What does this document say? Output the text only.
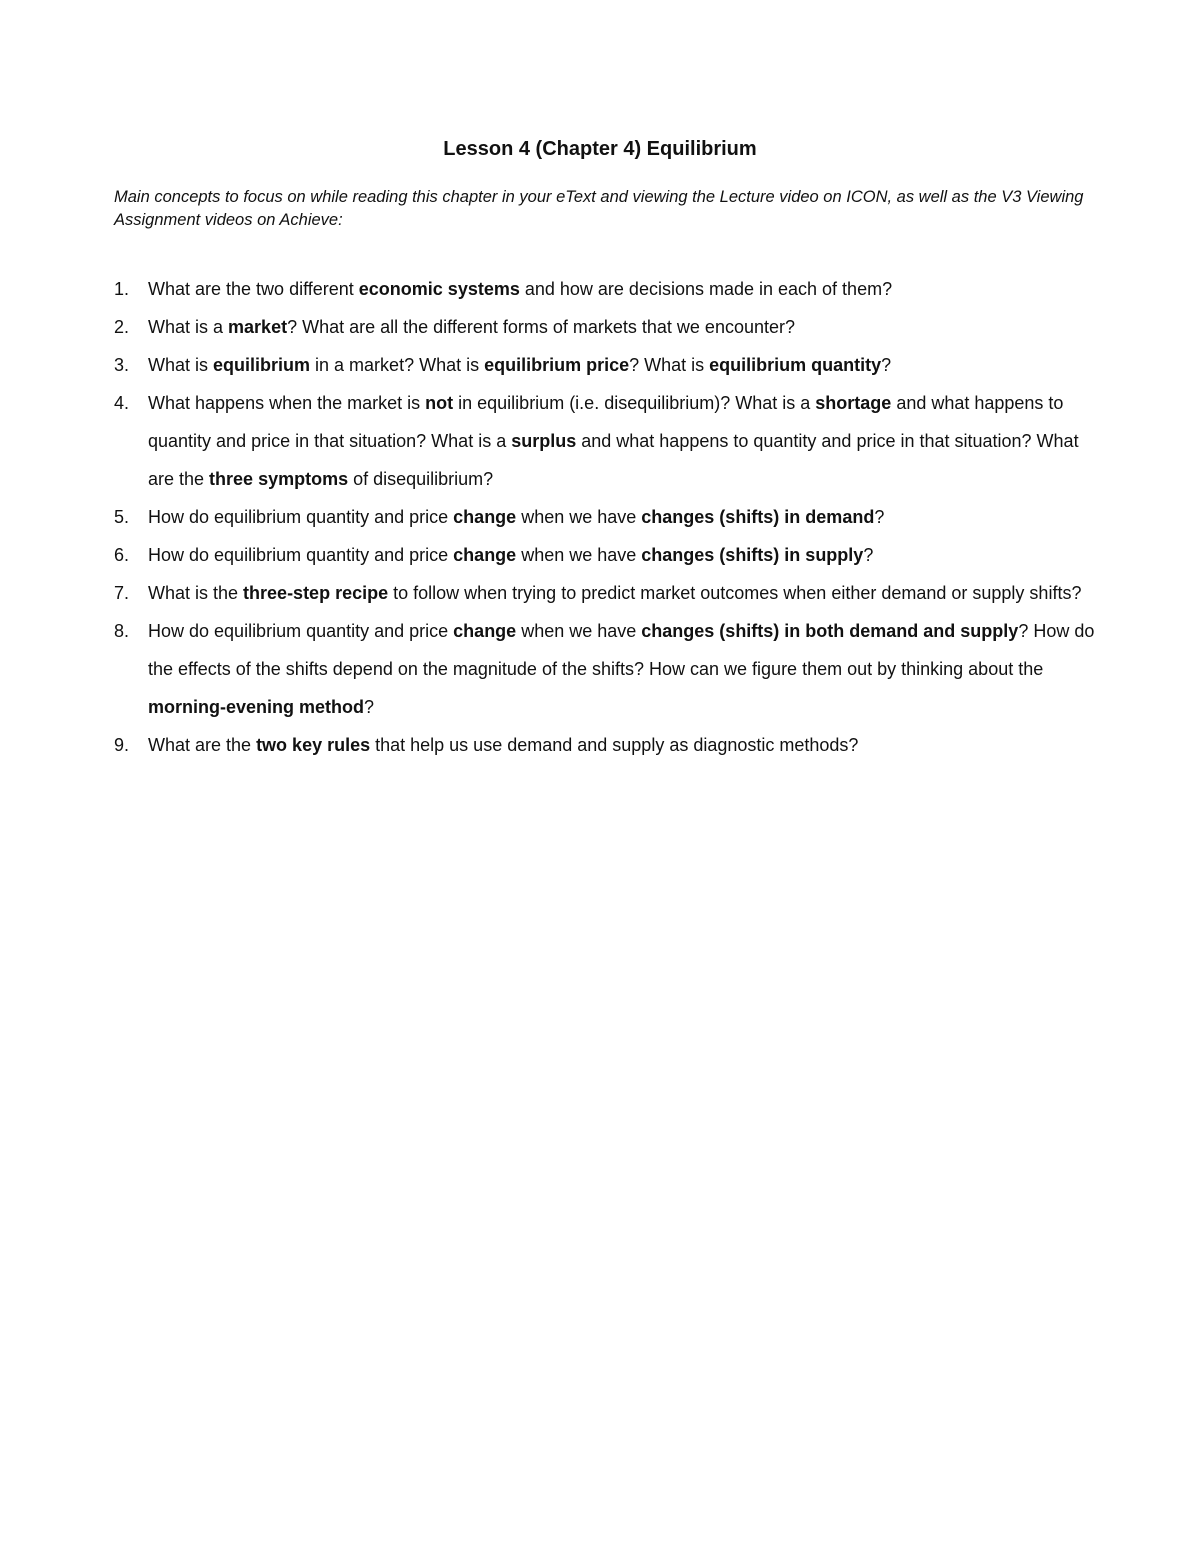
Lesson 4 (Chapter 4) Equilibrium

Main concepts to focus on while reading this chapter in your eText and viewing the Lecture video on ICON, as well as the V3 Viewing Assignment videos on Achieve:

1.	What are the two different economic systems and how are decisions made in each of them?
2.	What is a market? What are all the different forms of markets that we encounter?
3.	What is equilibrium in a market? What is equilibrium price? What is equilibrium quantity?
4.	What happens when the market is not in equilibrium (i.e. disequilibrium)? What is a shortage and what happens to quantity and price in that situation? What is a surplus and what happens to quantity and price in that situation? What are the three symptoms of disequilibrium?
5.	How do equilibrium quantity and price change when we have changes (shifts) in demand?
6.	How do equilibrium quantity and price change when we have changes (shifts) in supply?
7.	What is the three-step recipe to follow when trying to predict market outcomes when either demand or supply shifts?
8.	How do equilibrium quantity and price change when we have changes (shifts) in both demand and supply? How do the effects of the shifts depend on the magnitude of the shifts? How can we figure them out by thinking about the morning-evening method?
9.	What are the two key rules that help us use demand and supply as diagnostic methods?
